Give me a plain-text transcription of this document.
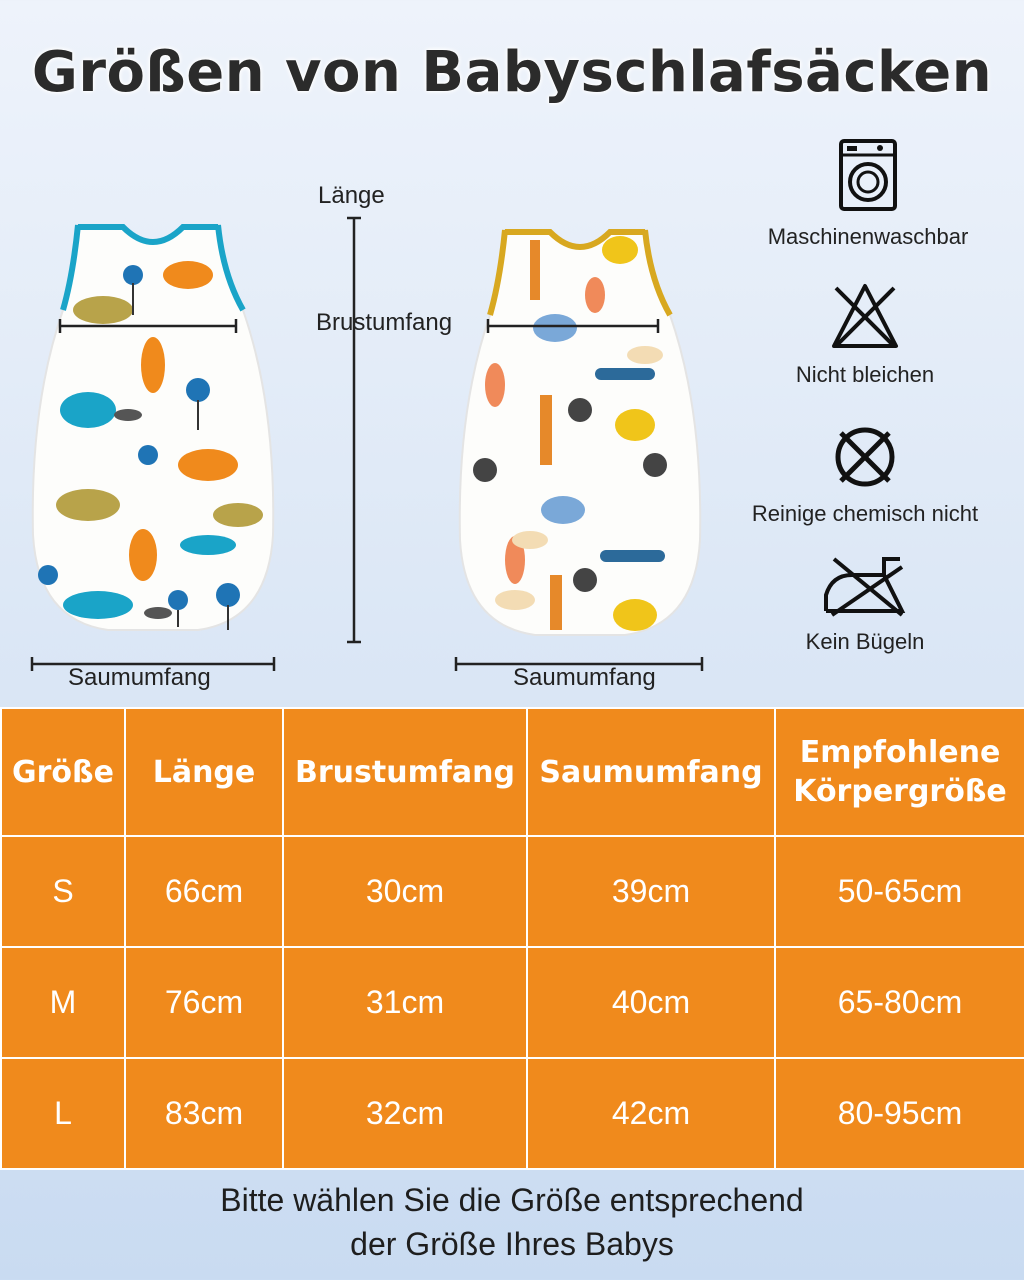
Größen von Babyschlafsäcken
Länge
Brustumfang
Saumumfang	Saumumfang
Maschinenwaschbar
Nicht bleichen
Reinige chemisch nicht
Kein Bügeln
Größe	Länge	Brustumfang	Saumumfang	Empfohlene Körpergröße
S	66cm	30cm	39cm	50-65cm
M	76cm	31cm	40cm	65-80cm
L	83cm	32cm	42cm	80-95cm
Bitte wählen Sie die Größe entsprechend
der Größe Ihres Babys
